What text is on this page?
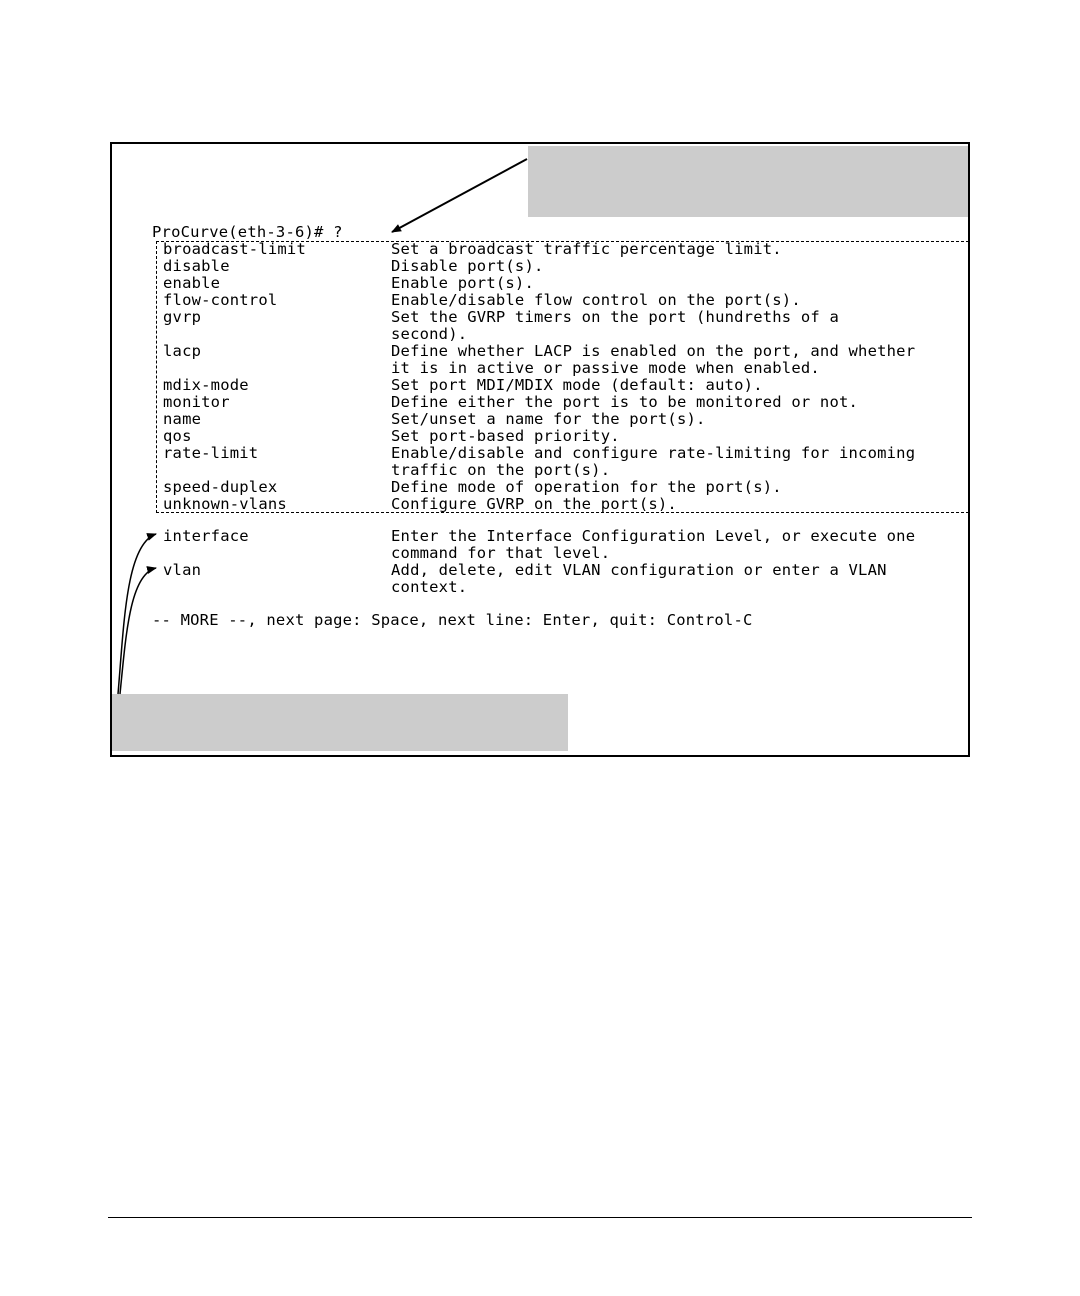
ProCurve(eth-3-6)# ?
broadcast-limit	Set a broadcast traffic percentage limit.
disable	Disable port(s).
enable	Enable port(s).
flow-control	Enable/disable flow control on the port(s).
gvrp	Set the GVRP timers on the port (hundreths of a
second).
lacp	Define whether LACP is enabled on the port, and whether
it is in active or passive mode when enabled.
mdix-mode	Set port MDI/MDIX mode (default: auto).
monitor	Define either the port is to be monitored or not.
name	Set/unset a name for the port(s).
qos	Set port-based priority.
rate-limit	Enable/disable and configure rate-limiting for incoming
traffic on the port(s).
speed-duplex	Define mode of operation for the port(s).
unknown-vlans	Configure GVRP on the port(s).
interface	Enter the Interface Configuration Level, or execute one
command for that level.
vlan	Add, delete, edit VLAN configuration or enter a VLAN
context.
-- MORE --, next page: Space, next line: Enter, quit: Control-C
